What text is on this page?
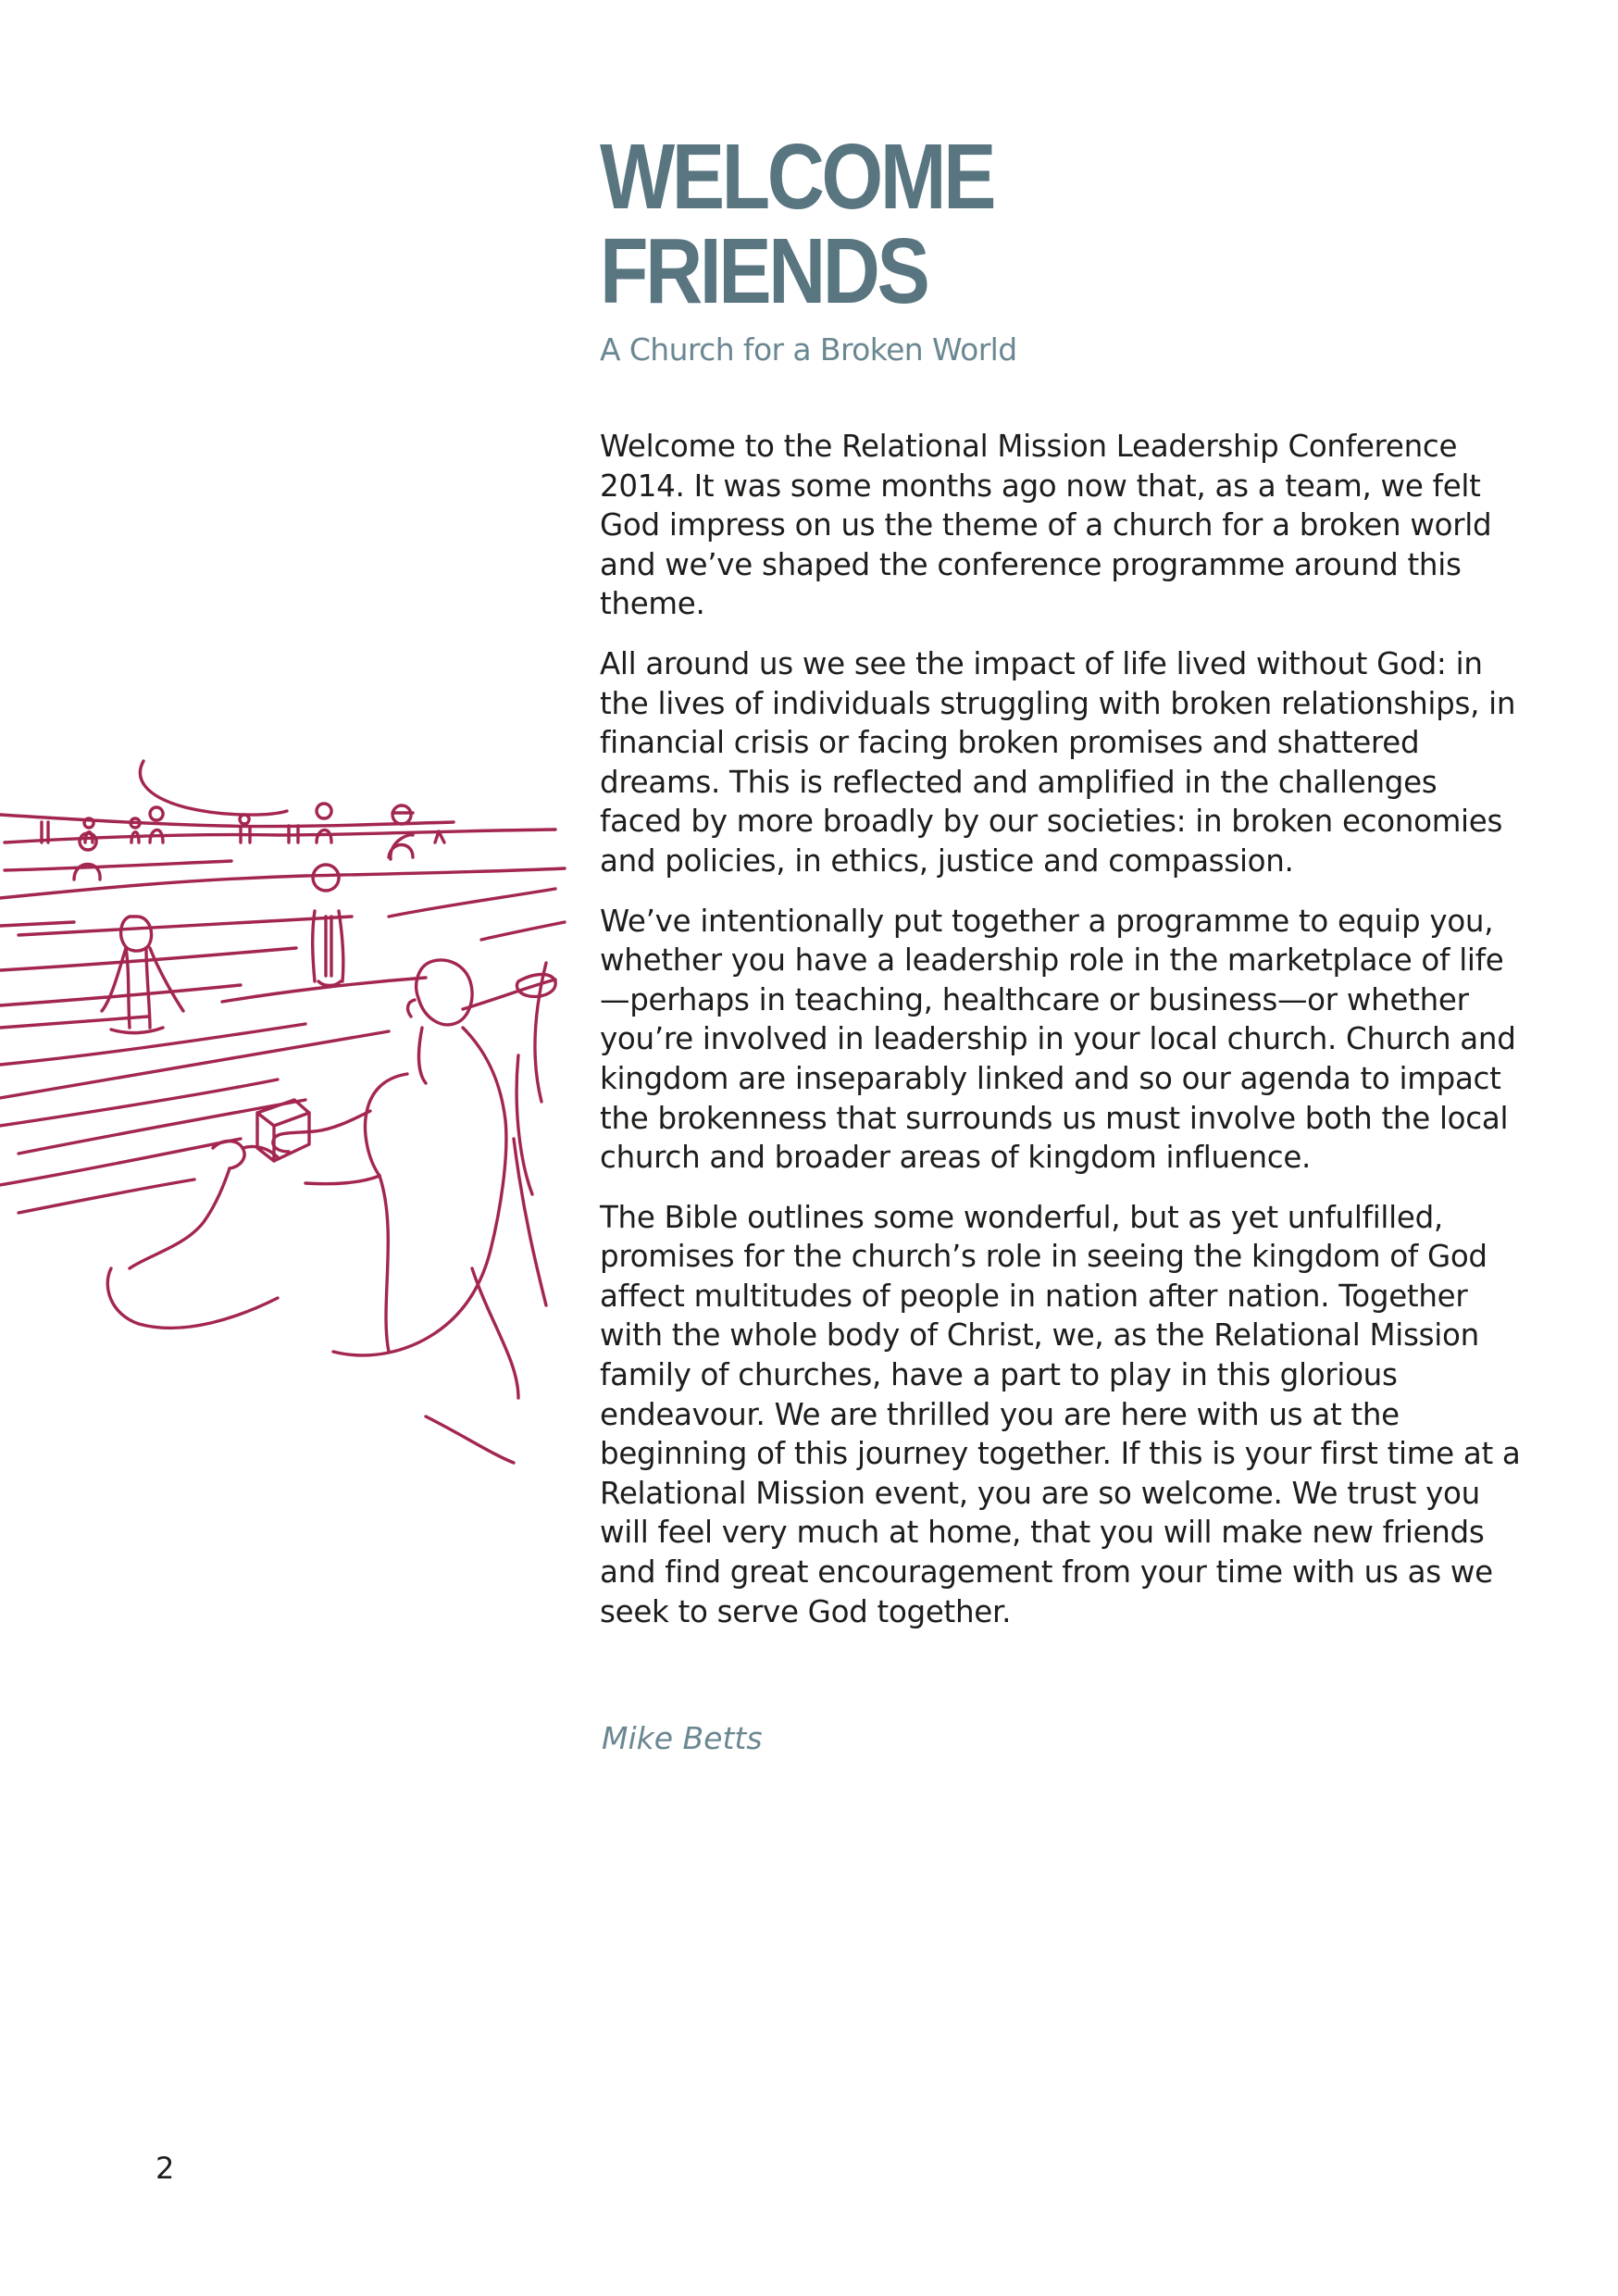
WELCOME
FRIENDS
A Church for a Broken World

Welcome to the Relational Mission Leadership Conference 2014. It was some months ago now that, as a team, we felt God impress on us the theme of a church for a broken world and we’ve shaped the conference programme around this theme.

All around us we see the impact of life lived without God: in the lives of individuals struggling with broken relationships, in financial crisis or facing broken promises and shattered dreams. This is reflected and amplified in the challenges faced by more broadly by our societies: in broken economies and policies, in ethics, justice and compassion.

We’ve intentionally put together a programme to equip you, whether you have a leadership role in the marketplace of life—perhaps in teaching, healthcare or business—or whether you’re involved in leadership in your local church. Church and kingdom are inseparably linked and so our agenda to impact the brokenness that surrounds us must involve both the local church and broader areas of kingdom influence.

The Bible outlines some wonderful, but as yet unfulfilled, promises for the church’s role in seeing the kingdom of God affect multitudes of people in nation after nation. Together with the whole body of Christ, we, as the Relational Mission family of churches, have a part to play in this glorious endeavour. We are thrilled you are here with us at the beginning of this journey together. If this is your first time at a Relational Mission event, you are so welcome. We trust you will feel very much at home, that you will make new friends and find great encouragement from your time with us as we seek to serve God together.

Mike Betts

2
